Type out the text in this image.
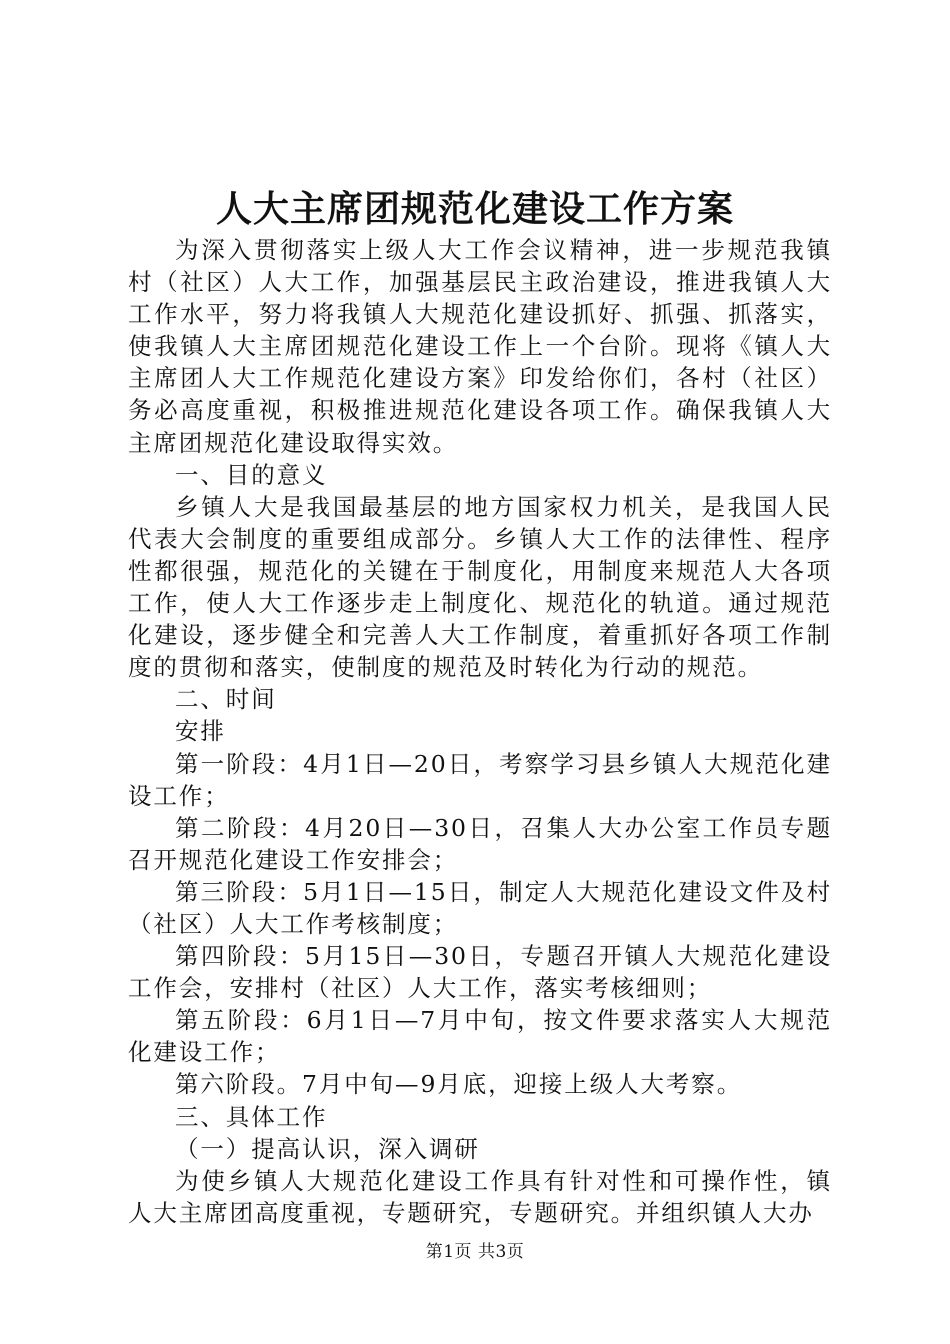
人大主席团规范化建设工作方案

为深入贯彻落实上级人大工作会议精神，进一步规范我镇村（社区）人大工作，加强基层民主政治建设，推进我镇人大工作水平，努力将我镇人大规范化建设抓好、抓强、抓落实，使我镇人大主席团规范化建设工作上一个台阶。现将《镇人大主席团人大工作规范化建设方案》印发给你们，各村（社区）务必高度重视，积极推进规范化建设各项工作。确保我镇人大主席团规范化建设取得实效。

一、目的意义

乡镇人大是我国最基层的地方国家权力机关，是我国人民代表大会制度的重要组成部分。乡镇人大工作的法律性、程序性都很强，规范化的关键在于制度化，用制度来规范人大各项工作，使人大工作逐步走上制度化、规范化的轨道。通过规范化建设，逐步健全和完善人大工作制度，着重抓好各项工作制度的贯彻和落实，使制度的规范及时转化为行动的规范。

二、时间

安排

第一阶段：4月1日—20日，考察学习县乡镇人大规范化建设工作；

第二阶段：4月20日—30日，召集人大办公室工作员专题召开规范化建设工作安排会；

第三阶段：5月1日—15日，制定人大规范化建设文件及村（社区）人大工作考核制度；

第四阶段：5月15日—30日，专题召开镇人大规范化建设工作会，安排村（社区）人大工作，落实考核细则；

第五阶段：6月1日—7月中旬，按文件要求落实人大规范化建设工作；

第六阶段。7月中旬—9月底，迎接上级人大考察。

三、具体工作

（一）提高认识，深入调研

为使乡镇人大规范化建设工作具有针对性和可操作性，镇人大主席团高度重视，专题研究，专题研究。并组织镇人大办

第1页 共3页
